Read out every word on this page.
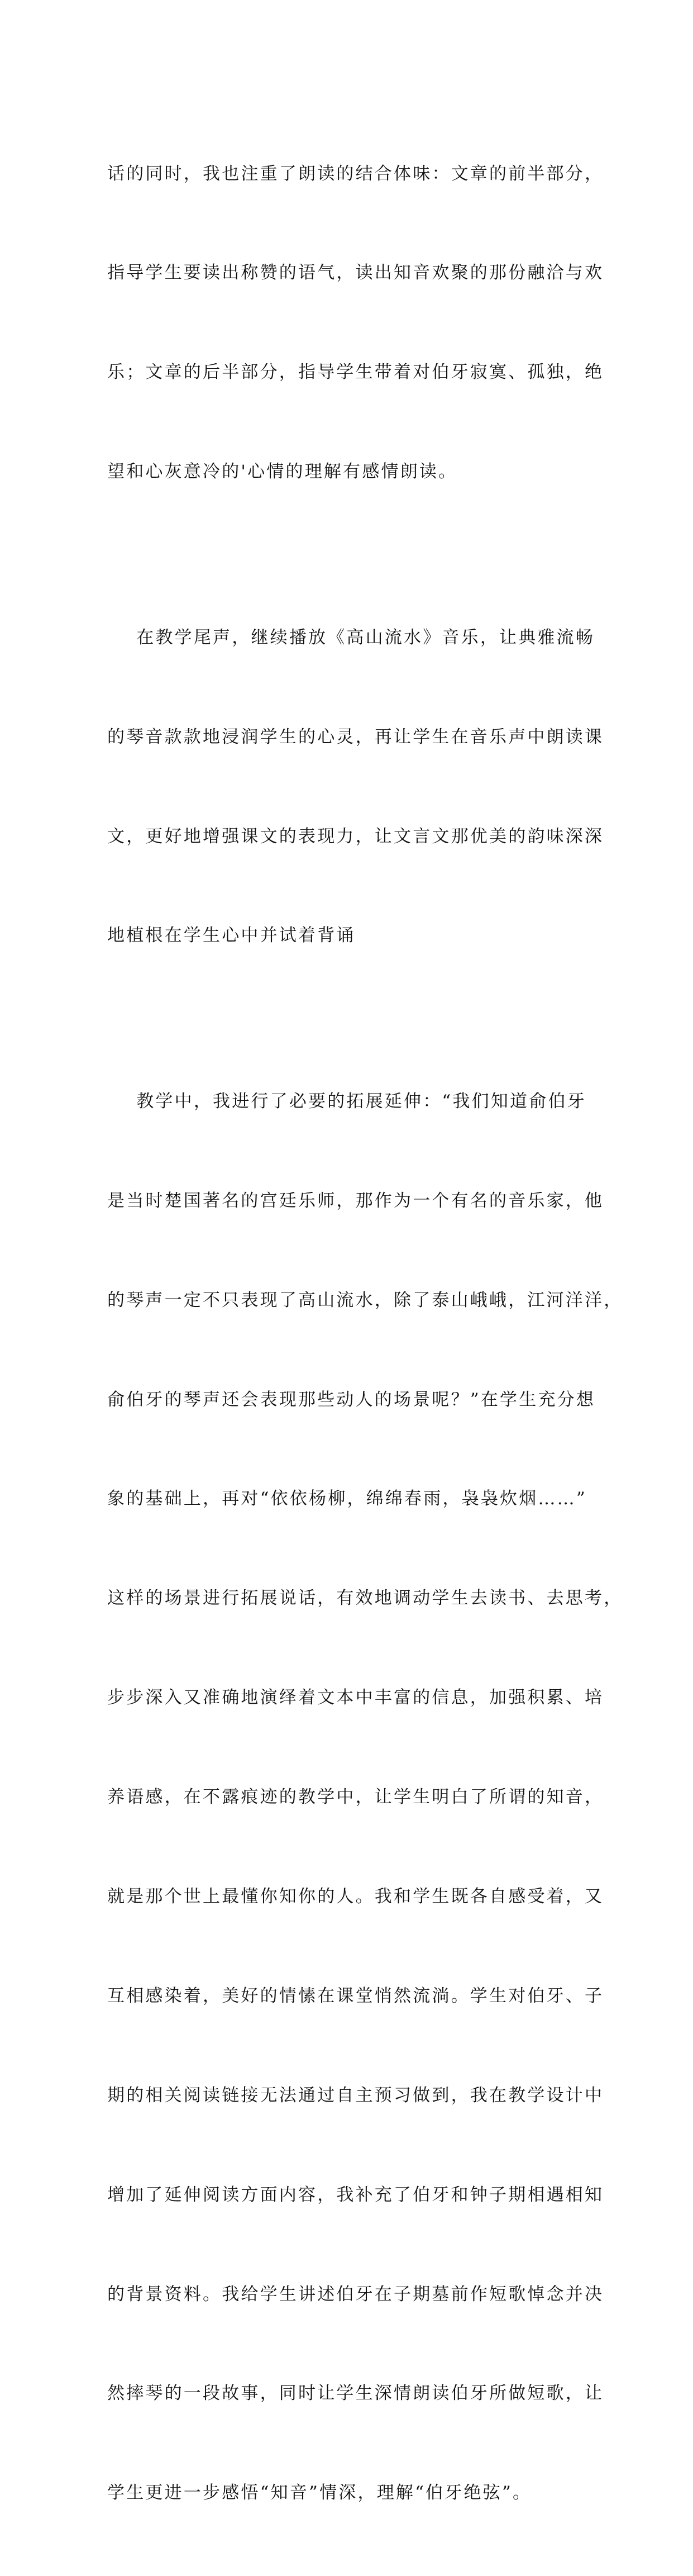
话的同时，我也注重了朗读的结合体味：文章的前半部分，

指导学生要读出称赞的语气，读出知音欢聚的那份融洽与欢

乐；文章的后半部分，指导学生带着对伯牙寂寞、孤独，绝

望和心灰意冷的'心情的理解有感情朗读。

在教学尾声，继续播放《高山流水》音乐，让典雅流畅

的琴音款款地浸润学生的心灵，再让学生在音乐声中朗读课

文，更好地增强课文的表现力，让文言文那优美的韵味深深

地植根在学生心中并试着背诵

教学中，我进行了必要的拓展延伸：“我们知道俞伯牙

是当时楚国著名的宫廷乐师，那作为一个有名的音乐家，他

的琴声一定不只表现了高山流水，除了泰山峨峨，江河洋洋，

俞伯牙的琴声还会表现那些动人的场景呢？”在学生充分想

象的基础上，再对“依依杨柳，绵绵春雨，袅袅炊烟……”

这样的场景进行拓展说话，有效地调动学生去读书、去思考，

步步深入又准确地演绎着文本中丰富的信息，加强积累、培

养语感，在不露痕迹的教学中，让学生明白了所谓的知音，

就是那个世上最懂你知你的人。我和学生既各自感受着，又

互相感染着，美好的情愫在课堂悄然流淌。学生对伯牙、子

期的相关阅读链接无法通过自主预习做到，我在教学设计中

增加了延伸阅读方面内容，我补充了伯牙和钟子期相遇相知

的背景资料。我给学生讲述伯牙在子期墓前作短歌悼念并决

然摔琴的一段故事，同时让学生深情朗读伯牙所做短歌，让

学生更进一步感悟“知音”情深，理解“伯牙绝弦”。
